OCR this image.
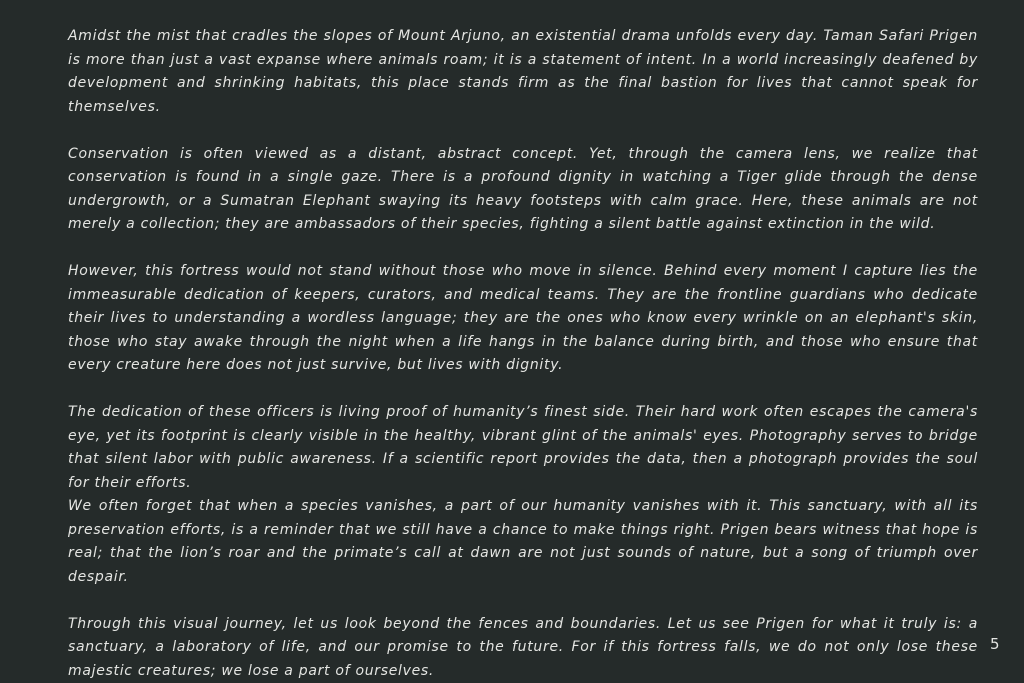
Amidst the mist that cradles the slopes of Mount Arjuno, an existential drama unfolds every day. Taman Safari Prigen is more than just a vast expanse where animals roam; it is a statement of intent. In a world increasingly deafened by development and shrinking habitats, this place stands firm as the final bastion for lives that cannot speak for themselves.

Conservation is often viewed as a distant, abstract concept. Yet, through the camera lens, we realize that conservation is found in a single gaze. There is a profound dignity in watching a Tiger glide through the dense undergrowth, or a Sumatran Elephant swaying its heavy footsteps with calm grace. Here, these animals are not merely a collection; they are ambassadors of their species, fighting a silent battle against extinction in the wild.

However, this fortress would not stand without those who move in silence. Behind every moment I capture lies the immeasurable dedication of keepers, curators, and medical teams. They are the frontline guardians who dedicate their lives to understanding a wordless language; they are the ones who know every wrinkle on an elephant's skin, those who stay awake through the night when a life hangs in the balance during birth, and those who ensure that every creature here does not just survive, but lives with dignity.

The dedication of these officers is living proof of humanity’s finest side. Their hard work often escapes the camera's eye, yet its footprint is clearly visible in the healthy, vibrant glint of the animals' eyes. Photography serves to bridge that silent labor with public awareness. If a scientific report provides the data, then a photograph provides the soul for their efforts.

We often forget that when a species vanishes, a part of our humanity vanishes with it. This sanctuary, with all its preservation efforts, is a reminder that we still have a chance to make things right. Prigen bears witness that hope is real; that the lion’s roar and the primate’s call at dawn are not just sounds of nature, but a song of triumph over despair.

Through this visual journey, let us look beyond the fences and boundaries. Let us see Prigen for what it truly is: a sanctuary, a laboratory of life, and our promise to the future. For if this fortress falls, we do not only lose these majestic creatures; we lose a part of ourselves.

5
